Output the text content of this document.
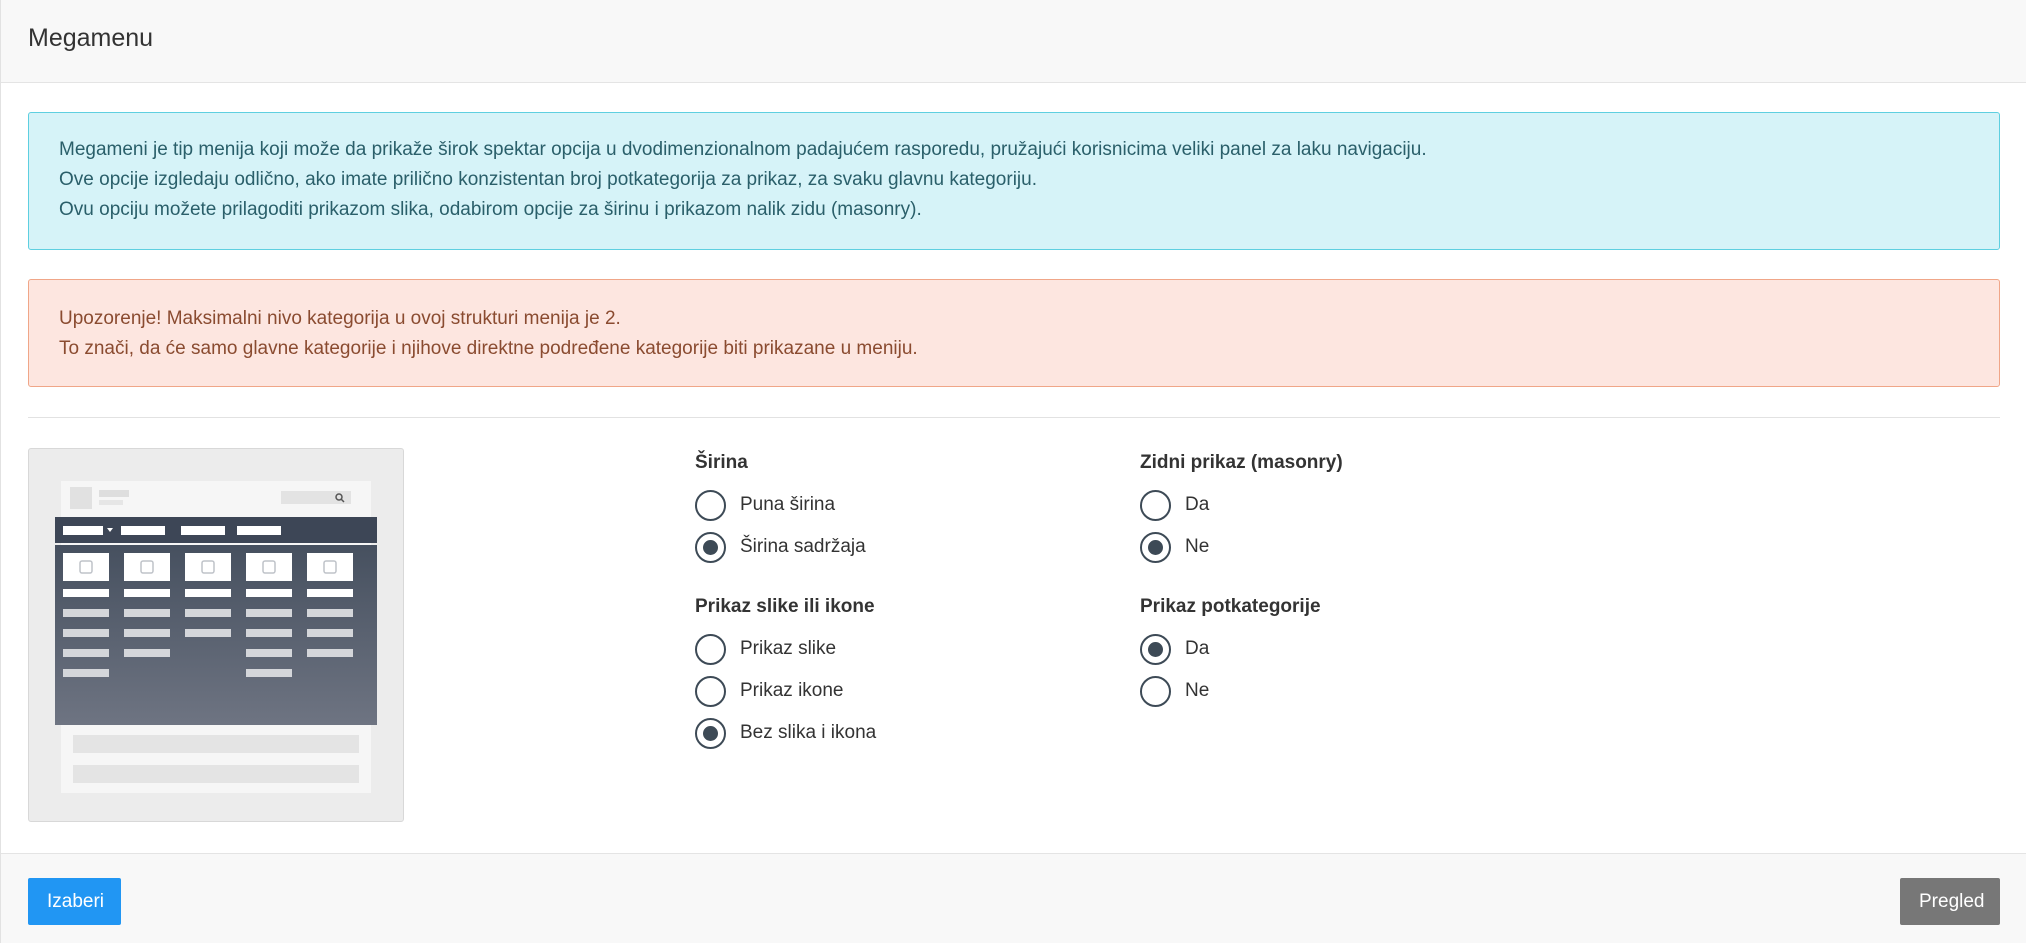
Megamenu
Megameni je tip menija koji može da prikaže širok spektar opcija u dvodimenzionalnom padajućem rasporedu, pružajući korisnicima veliki panel za laku navigaciju.
Ove opcije izgledaju odlično, ako imate prilično konzistentan broj potkategorija za prikaz, za svaku glavnu kategoriju.
Ovu opciju možete prilagoditi prikazom slika, odabirom opcije za širinu i prikazom nalik zidu (masonry).
Upozorenje! Maksimalni nivo kategorija u ovoj strukturi menija je 2.
To znači, da će samo glavne kategorije i njihove direktne podređene kategorije biti prikazane u meniju.
Širina
Puna širina
Širina sadržaja
Prikaz slike ili ikone
Prikaz slike
Prikaz ikone
Bez slika i ikona
Zidni prikaz (masonry)
Da
Ne
Prikaz potkategorije
Da
Ne
Izaberi	Pregled
